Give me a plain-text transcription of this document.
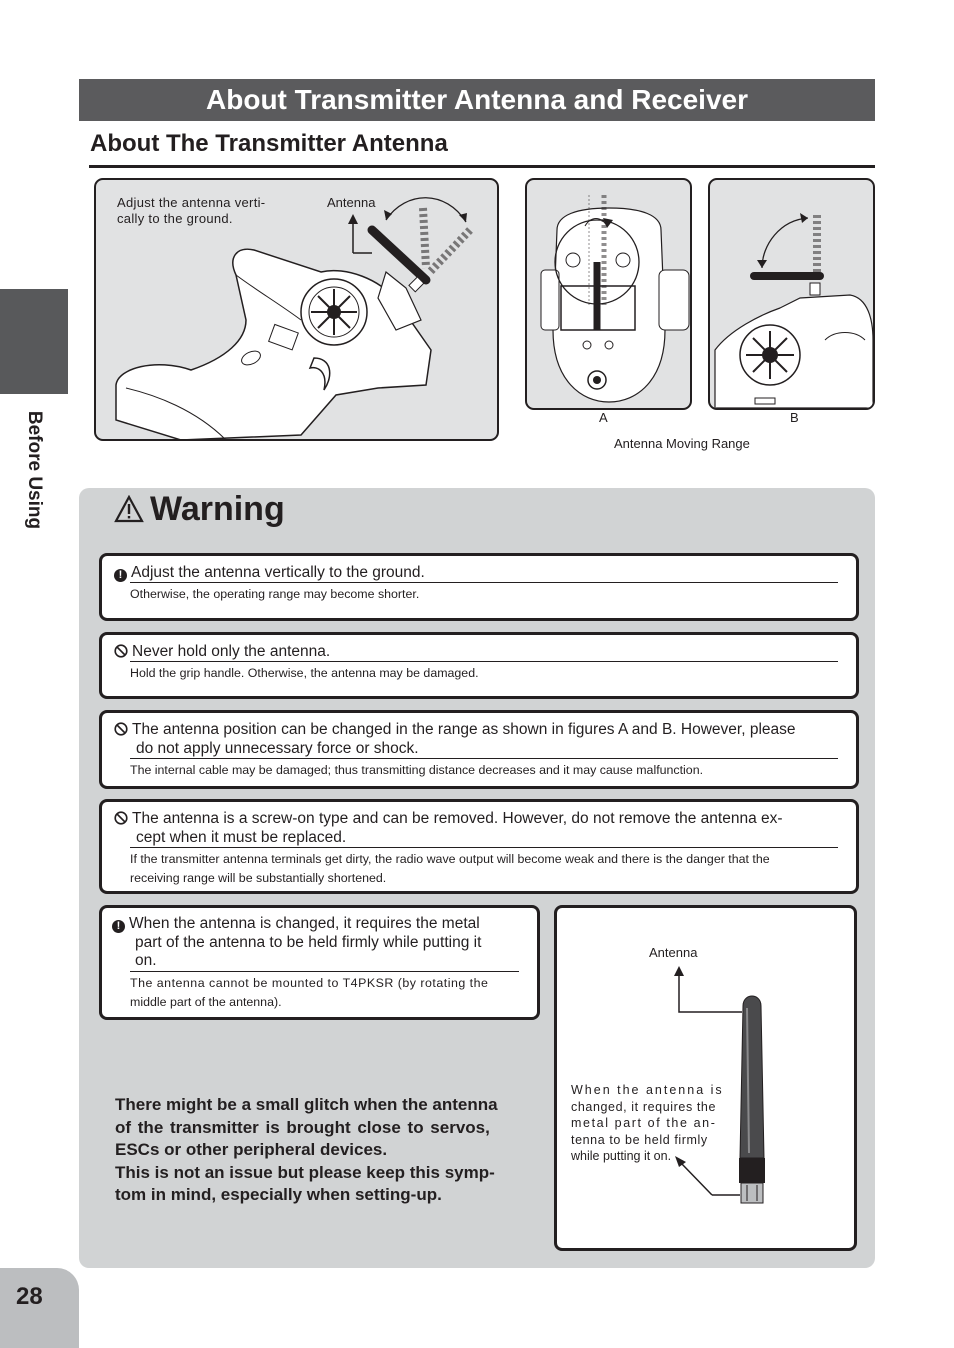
About Transmitter Antenna and Receiver
About The Transmitter Antenna
Before Using
Adjust the antenna verti-
cally to the ground.
Antenna
A	B
Antenna Moving Range
Warning
! Adjust the antenna vertically to the ground.
Otherwise, the operating range may become shorter.
Never hold only the antenna.
Hold the grip handle. Otherwise, the antenna may be damaged.
The antenna position can be changed in the range as shown in figures A and B. However, please
do not apply unnecessary force or shock.
The internal cable may be damaged; thus transmitting distance decreases and it may cause malfunction.
The antenna is a screw-on type and can be removed. However, do not remove the antenna ex-
cept when it must be replaced.
If the transmitter antenna terminals get dirty, the radio wave output will become weak and there is the danger that the
receiving range will be substantially shortened.
! When the antenna is changed, it requires the metal
part of the antenna to be held firmly while putting it
on.
The antenna cannot be mounted to T4PKSR (by rotating the
middle part of the antenna).
Antenna
When the antenna is
changed, it requires the
metal part of the an-
tenna to be held firmly
while putting it on.
There might be a small glitch when the antenna
of the transmitter is brought close to servos,
ESCs or other peripheral devices.
This is not an issue but please keep this symp-
tom in mind, especially when setting-up.
28
